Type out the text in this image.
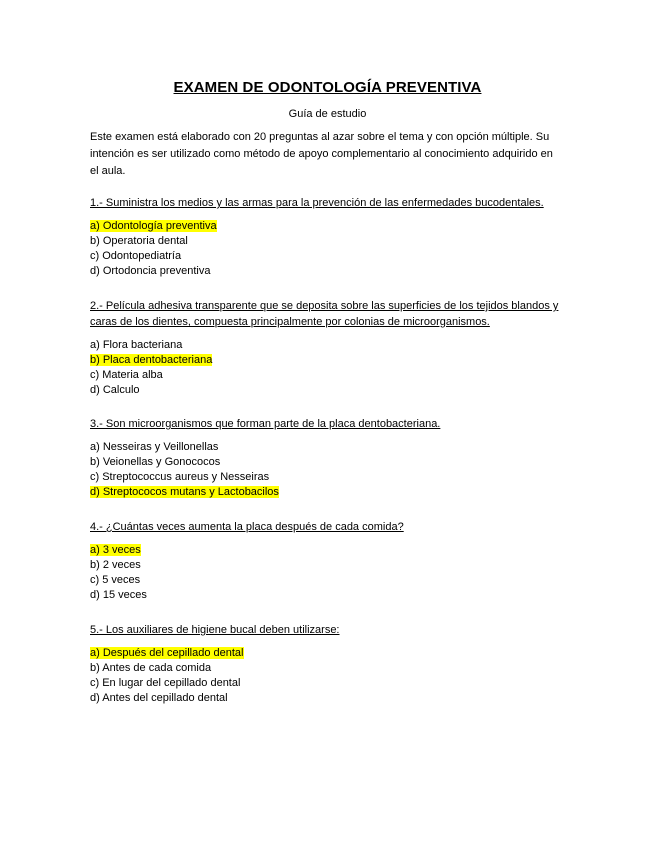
EXAMEN DE ODONTOLOGÍA PREVENTIVA
Guía de estudio
Este examen está elaborado con 20 preguntas al azar sobre el tema y con opción múltiple. Su intención es ser utilizado como método de apoyo complementario al conocimiento adquirido en el aula.

1.- Suministra los medios y las armas para la prevención de las enfermedades bucodentales.

a) Odontología preventiva

b) Operatoria dental

c) Odontopediatría

d) Ortodoncia preventiva

2.- Película adhesiva transparente que se deposita sobre las superficies de los tejidos blandos y caras de los dientes, compuesta principalmente por colonias de microorganismos.

a) Flora bacteriana

b) Placa dentobacteriana

c) Materia alba

d) Calculo

3.- Son microorganismos que forman parte de la placa dentobacteriana.

a) Nesseiras y Veillonellas

b) Veionellas y Gonococos

c) Streptococcus aureus y Nesseiras

d) Streptococos mutans y Lactobacilos

4.- ¿Cuántas veces aumenta la placa después de cada comida?

a) 3 veces

b) 2 veces

c) 5 veces

d) 15 veces

5.- Los auxiliares de higiene bucal deben utilizarse:

a) Después del cepillado dental

b) Antes de cada comida

c) En lugar del cepillado dental

d) Antes del cepillado dental
